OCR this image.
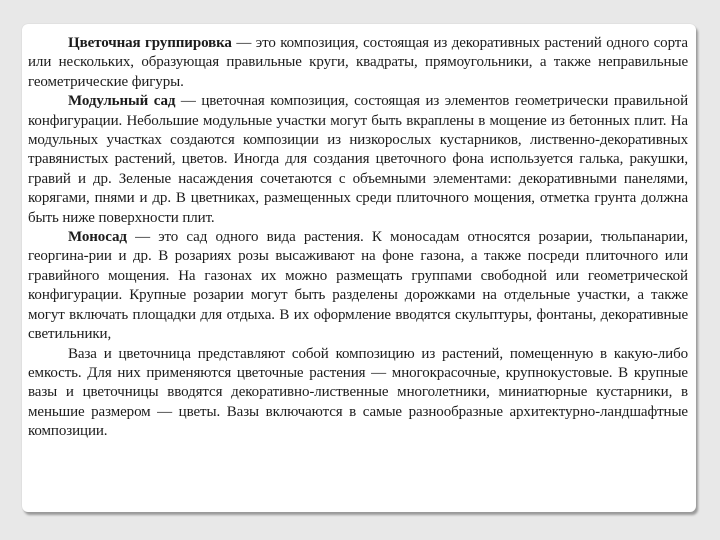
Цветочная группировка — это композиция, состоящая из декоративных растений одного сорта или нескольких, образующая правильные круги, квадраты, прямоугольники, а также неправильные геометрические фигуры.

Модульный сад — цветочная композиция, состоящая из элементов геометрически правильной конфигурации. Небольшие модульные участки могут быть вкраплены в мощение из бетонных плит. На модульных участках создаются композиции из низкорослых кустарников, лиственно-декоративных травянистых растений, цветов. Иногда для создания цветочного фона используется галька, ракушки, гравий и др. Зеленые насаждения сочетаются с объемными элементами: декоративными панелями, корягами, пнями и др. В цветниках, размещенных среди плиточного мощения, отметка грунта должна быть ниже поверхности плит.

Моносад — это сад одного вида растения. К моносадам относятся розарии, тюльпанарии, георгина-рии и др. В розариях розы высаживают на фоне газона, а также посреди плиточного или гравийного мощения. На газонах их можно размещать группами свободной или геометрической конфигурации. Крупные розарии могут быть разделены дорожками на отдельные участки, а также могут включать площадки для отдыха. В их оформление вводятся скульптуры, фонтаны, декоративные светильники,

Ваза и цветочница представляют собой композицию из растений, помещенную в какую-либо емкость. Для них применяются цветочные растения — многокрасочные, крупнокустовые. В крупные вазы и цветочницы вводятся декоративно-лиственные многолетники, миниатюрные кустарники, в меньшие размером — цветы. Вазы включаются в самые разнообразные архитектурно-ландшафтные композиции.
